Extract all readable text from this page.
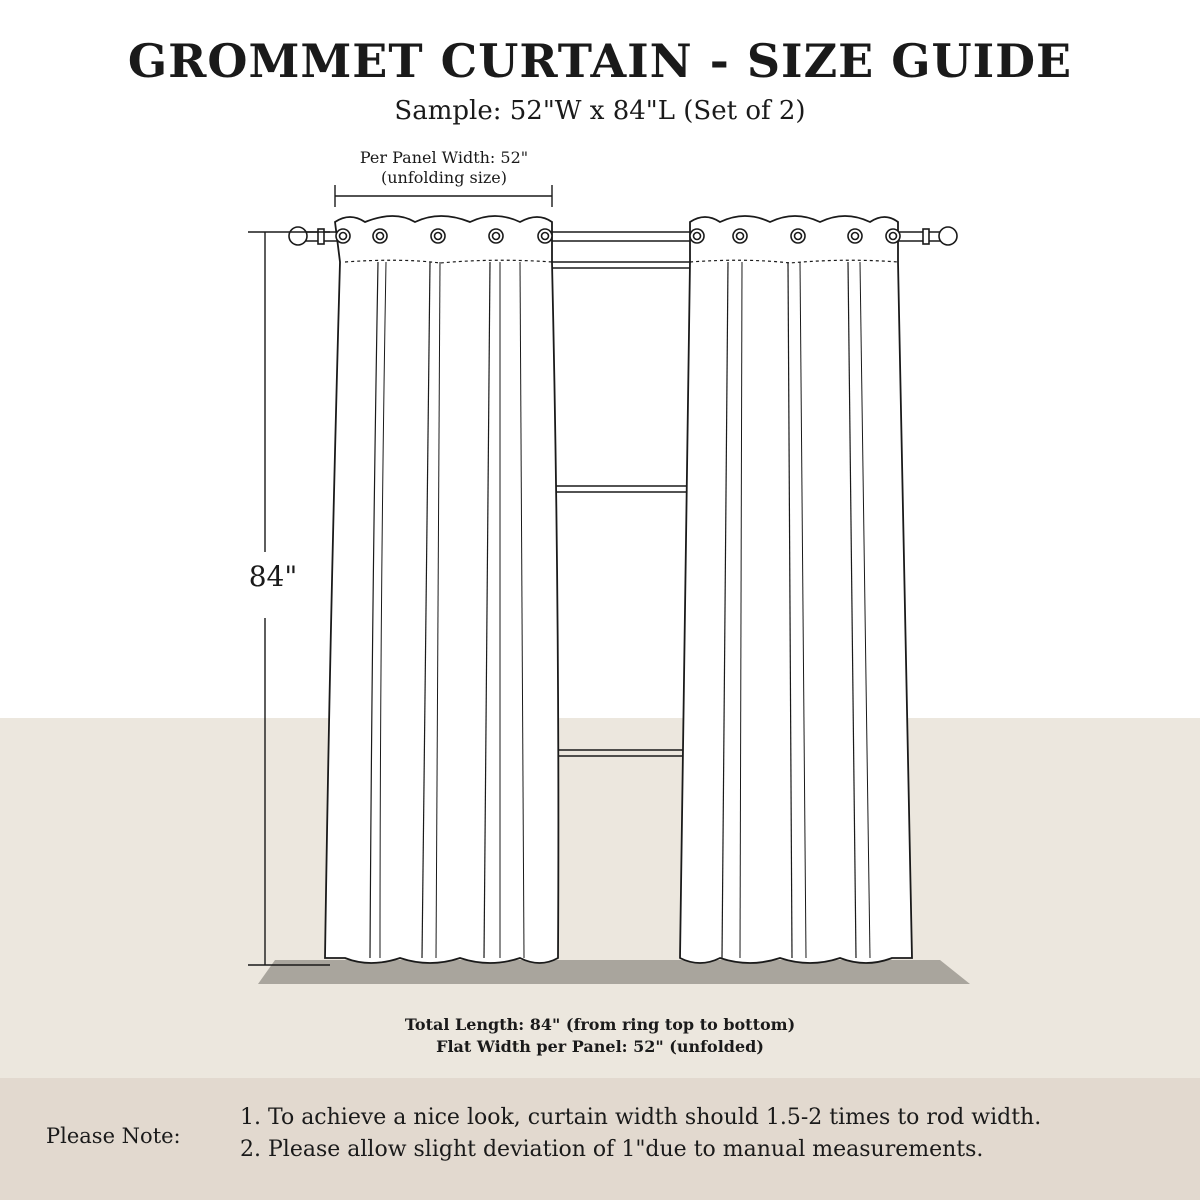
GROMMET CURTAIN - SIZE GUIDE
Sample: 52"W x 84"L (Set of 2)
Per Panel Width: 52"
(unfolding size)
84"
Total Length: 84" (from ring top to bottom)
Flat Width per Panel: 52" (unfolded)
Please Note:
1. To achieve a nice look, curtain width should 1.5-2 times to rod width.
2. Please allow slight deviation of 1"due to manual measurements.
